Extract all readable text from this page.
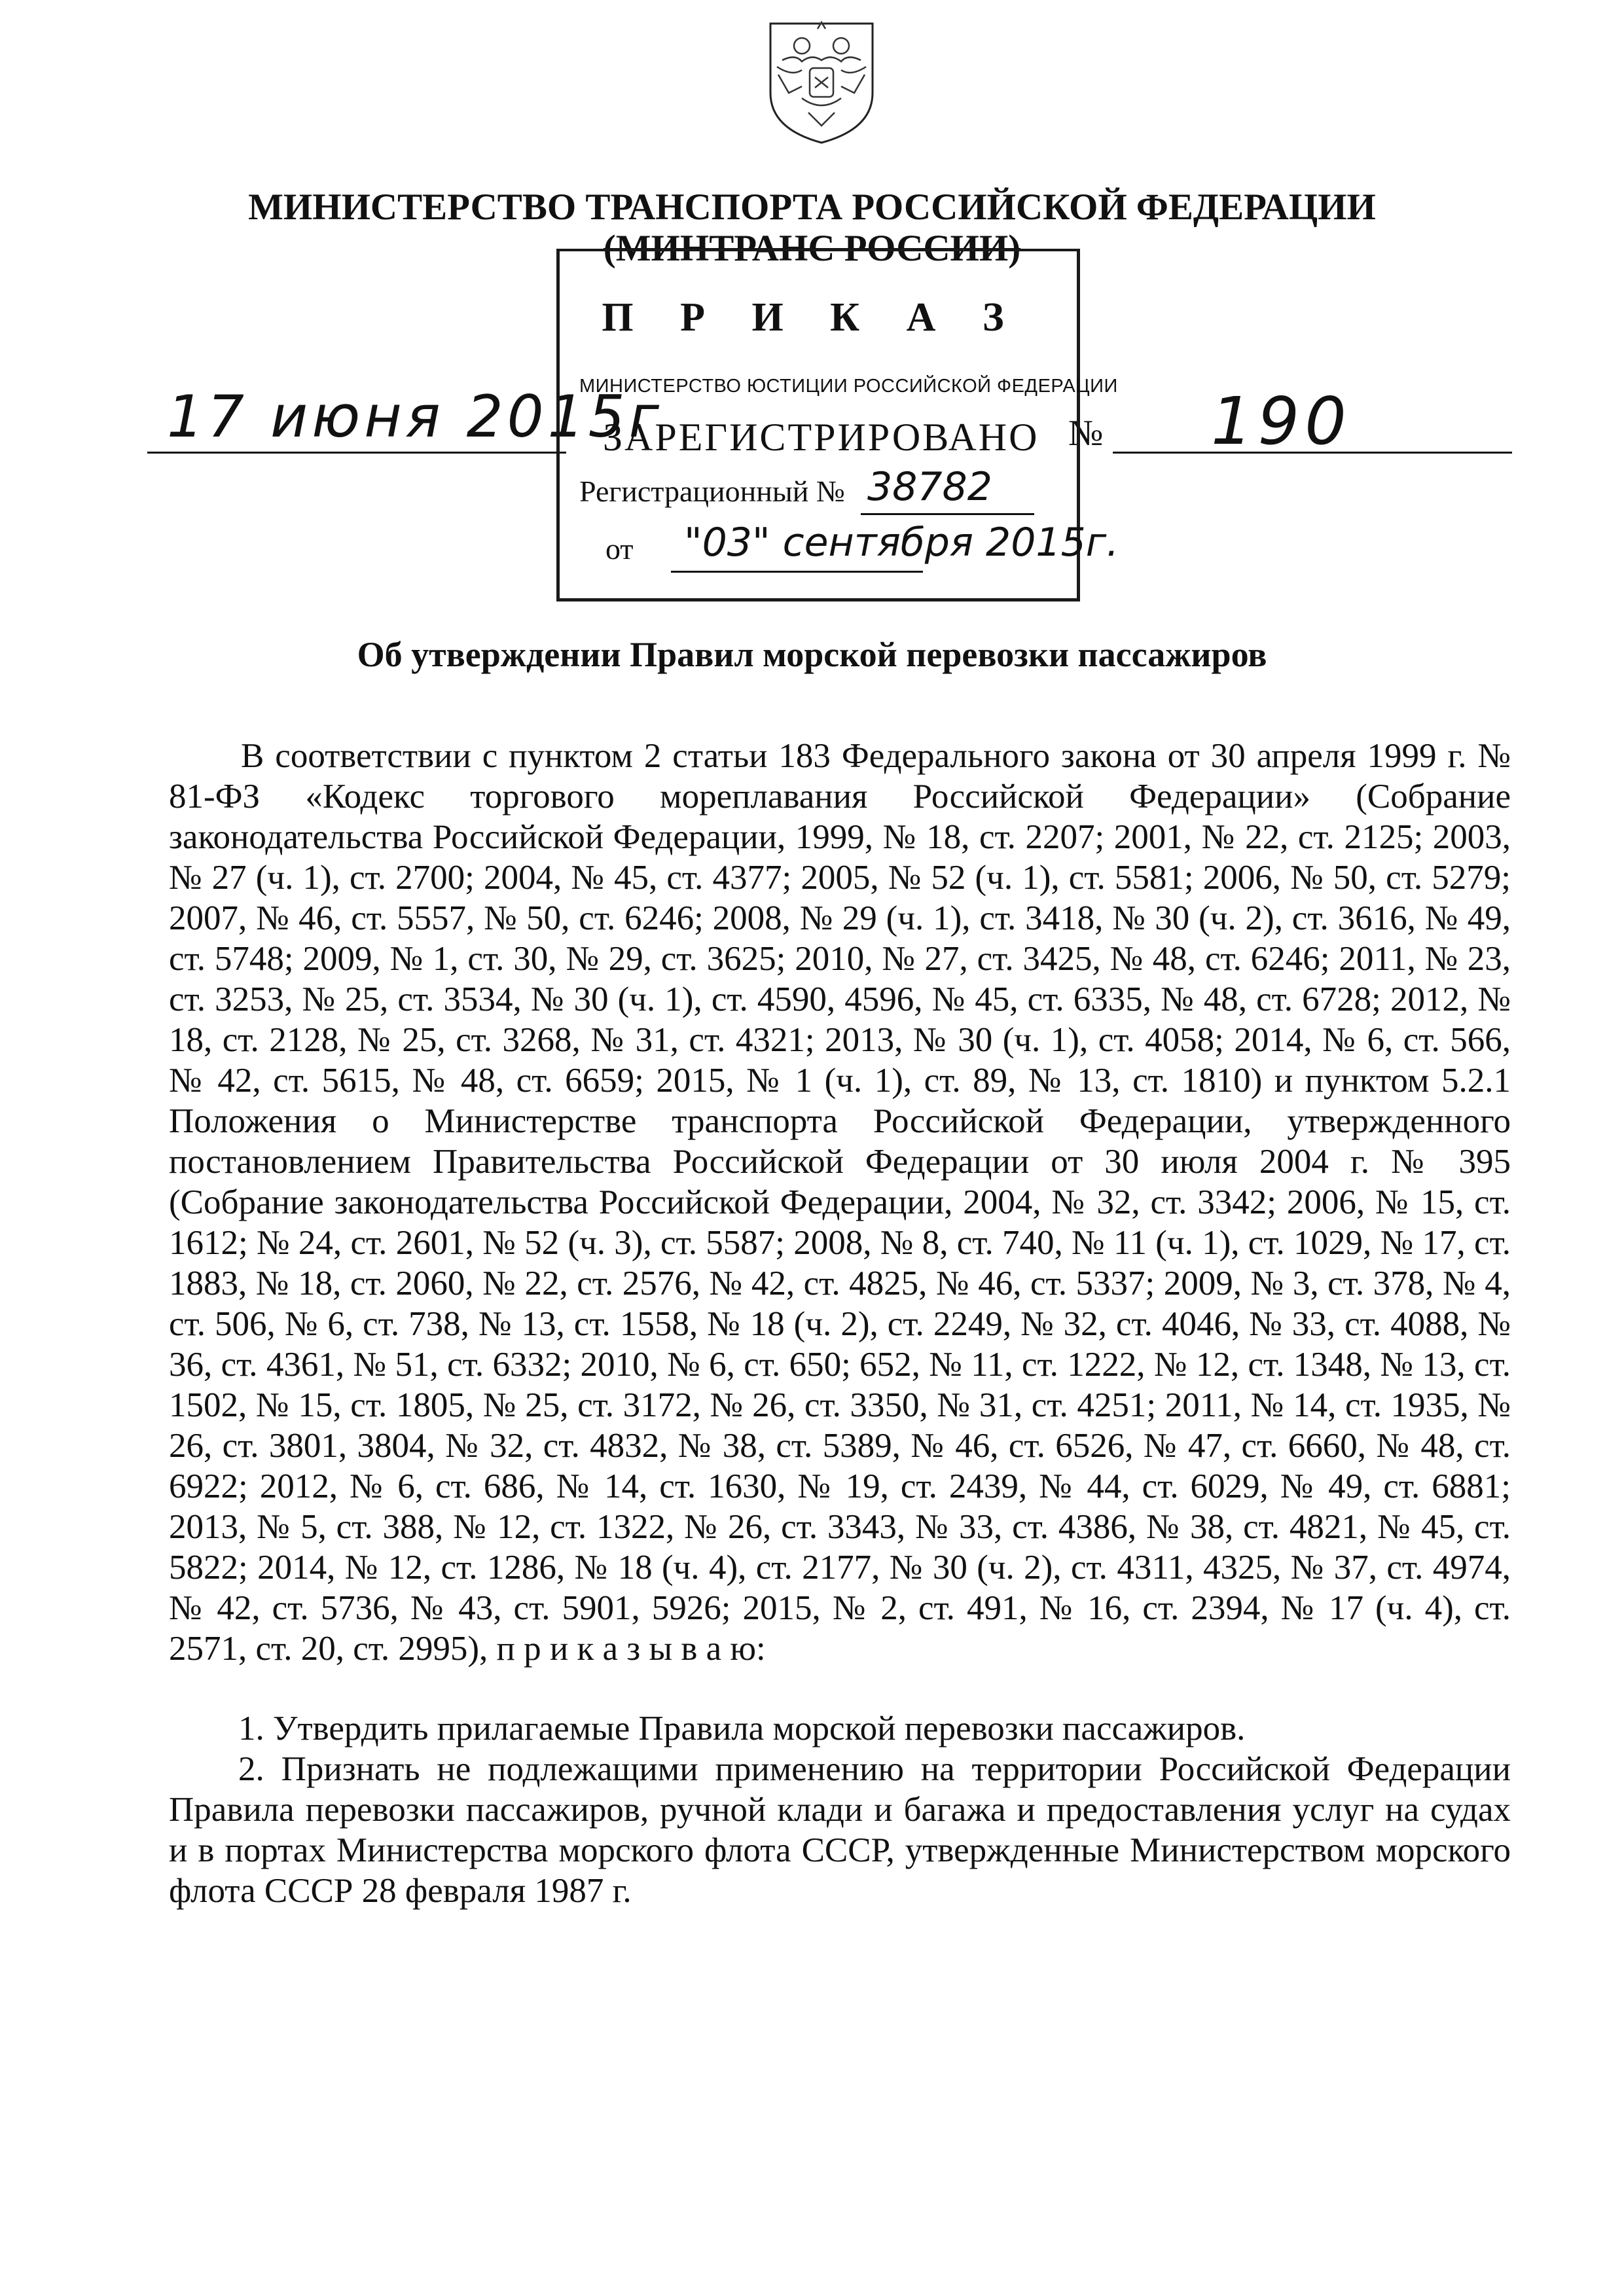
МИНИСТЕРСТВО ТРАНСПОРТА РОССИЙСКОЙ ФЕДЕРАЦИИ
(МИНТРАНС РОССИИ)
П Р И К А З
17 июня 2015г	№ 190
МИНИСТЕРСТВО ЮСТИЦИИ РОССИЙСКОЙ ФЕДЕРАЦИИ
ЗАРЕГИСТРИРОВАНО
Регистрационный № 38782
от "03" сентября 2015г.
Об утверждении Правил морской перевозки пассажиров

В соответствии с пунктом 2 статьи 183 Федерального закона от 30 апреля 1999 г. № 81-ФЗ «Кодекс торгового мореплавания Российской Федерации» (Собрание законодательства Российской Федерации, 1999, № 18, ст. 2207; 2001, № 22, ст. 2125; 2003, № 27 (ч. 1), ст. 2700; 2004, № 45, ст. 4377; 2005, № 52 (ч. 1), ст. 5581; 2006, № 50, ст. 5279; 2007, № 46, ст. 5557, № 50, ст. 6246; 2008, № 29 (ч. 1), ст. 3418, № 30 (ч. 2), ст. 3616, № 49, ст. 5748; 2009, № 1, ст. 30, № 29, ст. 3625; 2010, № 27, ст. 3425, № 48, ст. 6246; 2011, № 23, ст. 3253, № 25, ст. 3534, № 30 (ч. 1), ст. 4590, 4596, № 45, ст. 6335, № 48, ст. 6728; 2012, № 18, ст. 2128, № 25, ст. 3268, № 31, ст. 4321; 2013, № 30 (ч. 1), ст. 4058; 2014, № 6, ст. 566, № 42, ст. 5615, № 48, ст. 6659; 2015, № 1 (ч. 1), ст. 89, № 13, ст. 1810) и пунктом 5.2.1 Положения о Министерстве транспорта Российской Федерации, утвержденного постановлением Правительства Российской Федерации от 30 июля 2004 г. № 395 (Собрание законодательства Российской Федерации, 2004, № 32, ст. 3342; 2006, № 15, ст. 1612; № 24, ст. 2601, № 52 (ч. 3), ст. 5587; 2008, № 8, ст. 740, № 11 (ч. 1), ст. 1029, № 17, ст. 1883, № 18, ст. 2060, № 22, ст. 2576, № 42, ст. 4825, № 46, ст. 5337; 2009, № 3, ст. 378, № 4, ст. 506, № 6, ст. 738, № 13, ст. 1558, № 18 (ч. 2), ст. 2249, № 32, ст. 4046, № 33, ст. 4088, № 36, ст. 4361, № 51, ст. 6332; 2010, № 6, ст. 650; 652, № 11, ст. 1222, № 12, ст. 1348, № 13, ст. 1502, № 15, ст. 1805, № 25, ст. 3172, № 26, ст. 3350, № 31, ст. 4251; 2011, № 14, ст. 1935, № 26, ст. 3801, 3804, № 32, ст. 4832, № 38, ст. 5389, № 46, ст. 6526, № 47, ст. 6660, № 48, ст. 6922; 2012, № 6, ст. 686, № 14, ст. 1630, № 19, ст. 2439, № 44, ст. 6029, № 49, ст. 6881; 2013, № 5, ст. 388, № 12, ст. 1322, № 26, ст. 3343, № 33, ст. 4386, № 38, ст. 4821, № 45, ст. 5822; 2014, № 12, ст. 1286, № 18 (ч. 4), ст. 2177, № 30 (ч. 2), ст. 4311, 4325, № 37, ст. 4974, № 42, ст. 5736, № 43, ст. 5901, 5926; 2015, № 2, ст. 491, № 16, ст. 2394, № 17 (ч. 4), ст. 2571, ст. 20, ст. 2995), п р и к а з ы в а ю:

1. Утвердить прилагаемые Правила морской перевозки пассажиров.

2. Признать не подлежащими применению на территории Российской Федерации Правила перевозки пассажиров, ручной клади и багажа и предоставления услуг на судах и в портах Министерства морского флота СССР, утвержденные Министерством морского флота СССР 28 февраля 1987 г.
